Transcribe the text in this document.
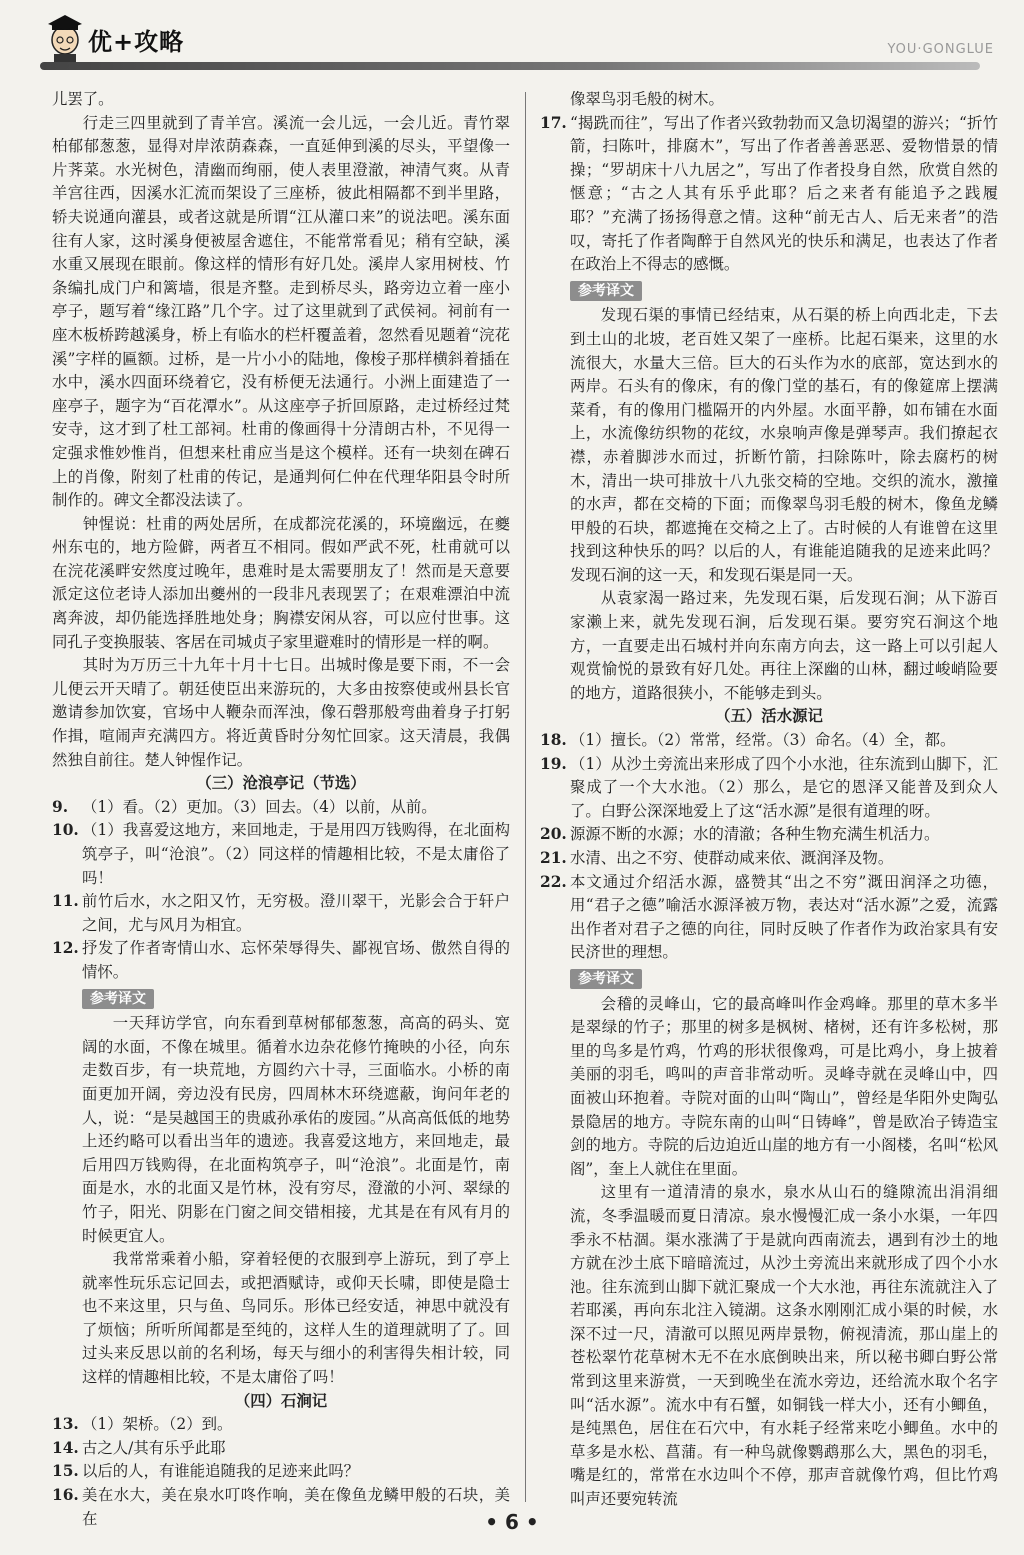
优+攻略	YOU·GONGLUE

儿罢了。

行走三四里就到了青羊宫。溪流一会儿远，一会儿近。青竹翠柏郁郁葱葱，显得对岸浓荫森森，一直延伸到溪的尽头，平望像一片荠菜。水光树色，清幽而绚丽，使人表里澄澈，神清气爽。从青羊宫往西，因溪水汇流而架设了三座桥，彼此相隔都不到半里路，轿夫说通向灌县，或者这就是所谓“江从灌口来”的说法吧。溪东面往有人家，这时溪身便被屋舍遮住，不能常常看见；稍有空缺，溪水重又展现在眼前。像这样的情形有好几处。溪岸人家用树枝、竹条编扎成门户和篱墙，很是齐整。走到桥尽头，路旁边立着一座小亭子，题写着“缘江路”几个字。过了这里就到了武侯祠。祠前有一座木板桥跨越溪身，桥上有临水的栏杆覆盖着，忽然看见题着“浣花溪”字样的匾额。过桥，是一片小小的陆地，像梭子那样横斜着插在水中，溪水四面环绕着它，没有桥便无法通行。小洲上面建造了一座亭子，题字为“百花潭水”。从这座亭子折回原路，走过桥经过梵安寺，这才到了杜工部祠。杜甫的像画得十分清朗古朴，不见得一定强求惟妙惟肖，但想来杜甫应当是这个模样。还有一块刻在碑石上的肖像，附刻了杜甫的传记，是通判何仁仲在代理华阳县令时所制作的。碑文全都没法读了。

钟惺说：杜甫的两处居所，在成都浣花溪的，环境幽远，在夔州东屯的，地方险僻，两者互不相同。假如严武不死，杜甫就可以在浣花溪畔安然度过晚年，患难时是太需要朋友了！然而是天意要派定这位老诗人添加出夔州的一段非凡表现罢了；在艰难漂泊中流离奔波，却仍能选择胜地处身；胸襟安闲从容，可以应付世事。这同孔子变换服装、客居在司城贞子家里避难时的情形是一样的啊。

其时为万历三十九年十月十七日。出城时像是要下雨，不一会儿便云开天晴了。朝廷使臣出来游玩的，大多由按察使或州县长官邀请参加饮宴，官场中人鞭杂而浑浊，像石磬那般弯曲着身子打躬作揖，喧闹声充满四方。将近黄昏时分匆忙回家。这天清晨，我偶然独自前往。楚人钟惺作记。

（三）沧浪亭记（节选）

9. （1）看。（2）更加。（3）回去。（4）以前，从前。
10. （1）我喜爱这地方，来回地走，于是用四万钱购得，在北面构筑亭子，叫“沧浪”。（2）同这样的情趣相比较，不是太庸俗了吗！
11. 前竹后水，水之阳又竹，无穷极。澄川翠干，光影会合于轩户之间，尤与风月为相宜。
12. 抒发了作者寄情山水、忘怀荣辱得失、鄙视官场、傲然自得的情怀。
参考译文

一天拜访学官，向东看到草树郁郁葱葱，高高的码头、宽阔的水面，不像在城里。循着水边杂花修竹掩映的小径，向东走数百步，有一块荒地，方圆约六十寻，三面临水。小桥的南面更加开阔，旁边没有民房，四周林木环绕遮蔽，询问年老的人，说：“是吴越国王的贵戚孙承佑的废园。”从高高低低的地势上还约略可以看出当年的遗迹。我喜爱这地方，来回地走，最后用四万钱购得，在北面构筑亭子，叫“沧浪”。北面是竹，南面是水，水的北面又是竹林，没有穷尽，澄澈的小河、翠绿的竹子，阳光、阴影在门窗之间交错相接，尤其是在有风有月的时候更宜人。

我常常乘着小船，穿着轻便的衣服到亭上游玩，到了亭上就率性玩乐忘记回去，或把酒赋诗，或仰天长啸，即使是隐士也不来这里，只与鱼、鸟同乐。形体已经安适，神思中就没有了烦恼；所听所闻都是至纯的，这样人生的道理就明了了。回过头来反思以前的名利场，每天与细小的利害得失相计较，同这样的情趣相比较，不是太庸俗了吗！

（四）石涧记

13. （1）架桥。（2）到。
14. 古之人/其有乐乎此耶
15. 以后的人，有谁能追随我的足迹来此吗？
16. 美在水大，美在泉水叮咚作响，美在像鱼龙鳞甲般的石块，美在

像翠鸟羽毛般的树木。

17. “揭跣而往”，写出了作者兴致勃勃而又急切渴望的游兴；“折竹箭，扫陈叶，排腐木”，写出了作者善善恶恶、爱物惜景的情操；“罗胡床十八九居之”，写出了作者投身自然，欣赏自然的惬意；“古之人其有乐乎此耶？后之来者有能追予之践履耶？”充满了扬扬得意之情。这种“前无古人、后无来者”的浩叹，寄托了作者陶醉于自然风光的快乐和满足，也表达了作者在政治上不得志的感慨。
参考译文

发现石渠的事情已经结束，从石渠的桥上向西北走，下去到土山的北坡，老百姓又架了一座桥。比起石渠来，这里的水流很大，水量大三倍。巨大的石头作为水的底部，宽达到水的两岸。石头有的像床，有的像门堂的基石，有的像筵席上摆满菜肴，有的像用门槛隔开的内外屋。水面平静，如布铺在水面上，水流像纺织物的花纹，水泉响声像是弹琴声。我们撩起衣襟，赤着脚涉水而过，折断竹箭，扫除陈叶，除去腐朽的树木，清出一块可排放十八九张交椅的空地。交织的流水，激撞的水声，都在交椅的下面；而像翠鸟羽毛般的树木，像鱼龙鳞甲般的石块，都遮掩在交椅之上了。古时候的人有谁曾在这里找到这种快乐的吗？以后的人，有谁能追随我的足迹来此吗？发现石涧的这一天，和发现石渠是同一天。

从袁家渴一路过来，先发现石渠，后发现石涧；从下游百家濑上来，就先发现石涧，后发现石渠。要穷究石涧这个地方，一直要走出石城村并向东南方向去，这一路上可以引起人观赏愉悦的景致有好几处。再往上深幽的山林，翻过峻峭险要的地方，道路很狭小，不能够走到头。

（五）活水源记

18. （1）擅长。（2）常常，经常。（3）命名。（4）全，都。
19. （1）从沙土旁流出来形成了四个小水池，往东流到山脚下，汇聚成了一个大水池。（2）那么，是它的恩泽又能普及到众人了。白野公深深地爱上了这“活水源”是很有道理的呀。
20. 源源不断的水源；水的清澈；各种生物充满生机活力。
21. 水清、出之不穷、使群动咸来依、溉润泽及物。
22. 本文通过介绍活水源，盛赞其“出之不穷”溉田润泽之功德，用“君子之德”喻活水源泽被万物，表达对“活水源”之爱，流露出作者对君子之德的向往，同时反映了作者作为政治家具有安民济世的理想。
参考译文

会稽的灵峰山，它的最高峰叫作金鸡峰。那里的草木多半是翠绿的竹子；那里的树多是枫树、楮树，还有许多松树，那里的鸟多是竹鸡，竹鸡的形状很像鸡，可是比鸡小，身上披着美丽的羽毛，鸣叫的声音非常动听。灵峰寺就在灵峰山中，四面被山环抱着。寺院对面的山叫“陶山”，曾经是华阳外史陶弘景隐居的地方。寺院东南的山叫“日铸峰”，曾是欧冶子铸造宝剑的地方。寺院的后边迫近山崖的地方有一小阁楼，名叫“松风阁”，奎上人就住在里面。

这里有一道清清的泉水，泉水从山石的缝隙流出涓涓细流，冬季温暖而夏日清凉。泉水慢慢汇成一条小水渠，一年四季永不枯涸。渠水涨满了于是就向西南流去，遇到有沙土的地方就在沙土底下暗暗流过，从沙土旁流出来就形成了四个小水池。往东流到山脚下就汇聚成一个大水池，再往东流就注入了若耶溪，再向东北注入镜湖。这条水刚刚汇成小渠的时候，水深不过一尺，清澈可以照见两岸景物，俯视清流，那山崖上的苍松翠竹花草树木无不在水底倒映出来，所以秘书卿白野公常常到这里来游赏，一天到晚坐在流水旁边，还给流水取个名字叫“活水源”。流水中有石蟹，如铜钱一样大小，还有小鲫鱼，是纯黑色，居住在石穴中，有水耗子经常来吃小鲫鱼。水中的草多是水松、菖蒲。有一种鸟就像鹦鹉那么大，黑色的羽毛，嘴是红的，常常在水边叫个不停，那声音就像竹鸡，但比竹鸡叫声还要宛转流

• 6 •
